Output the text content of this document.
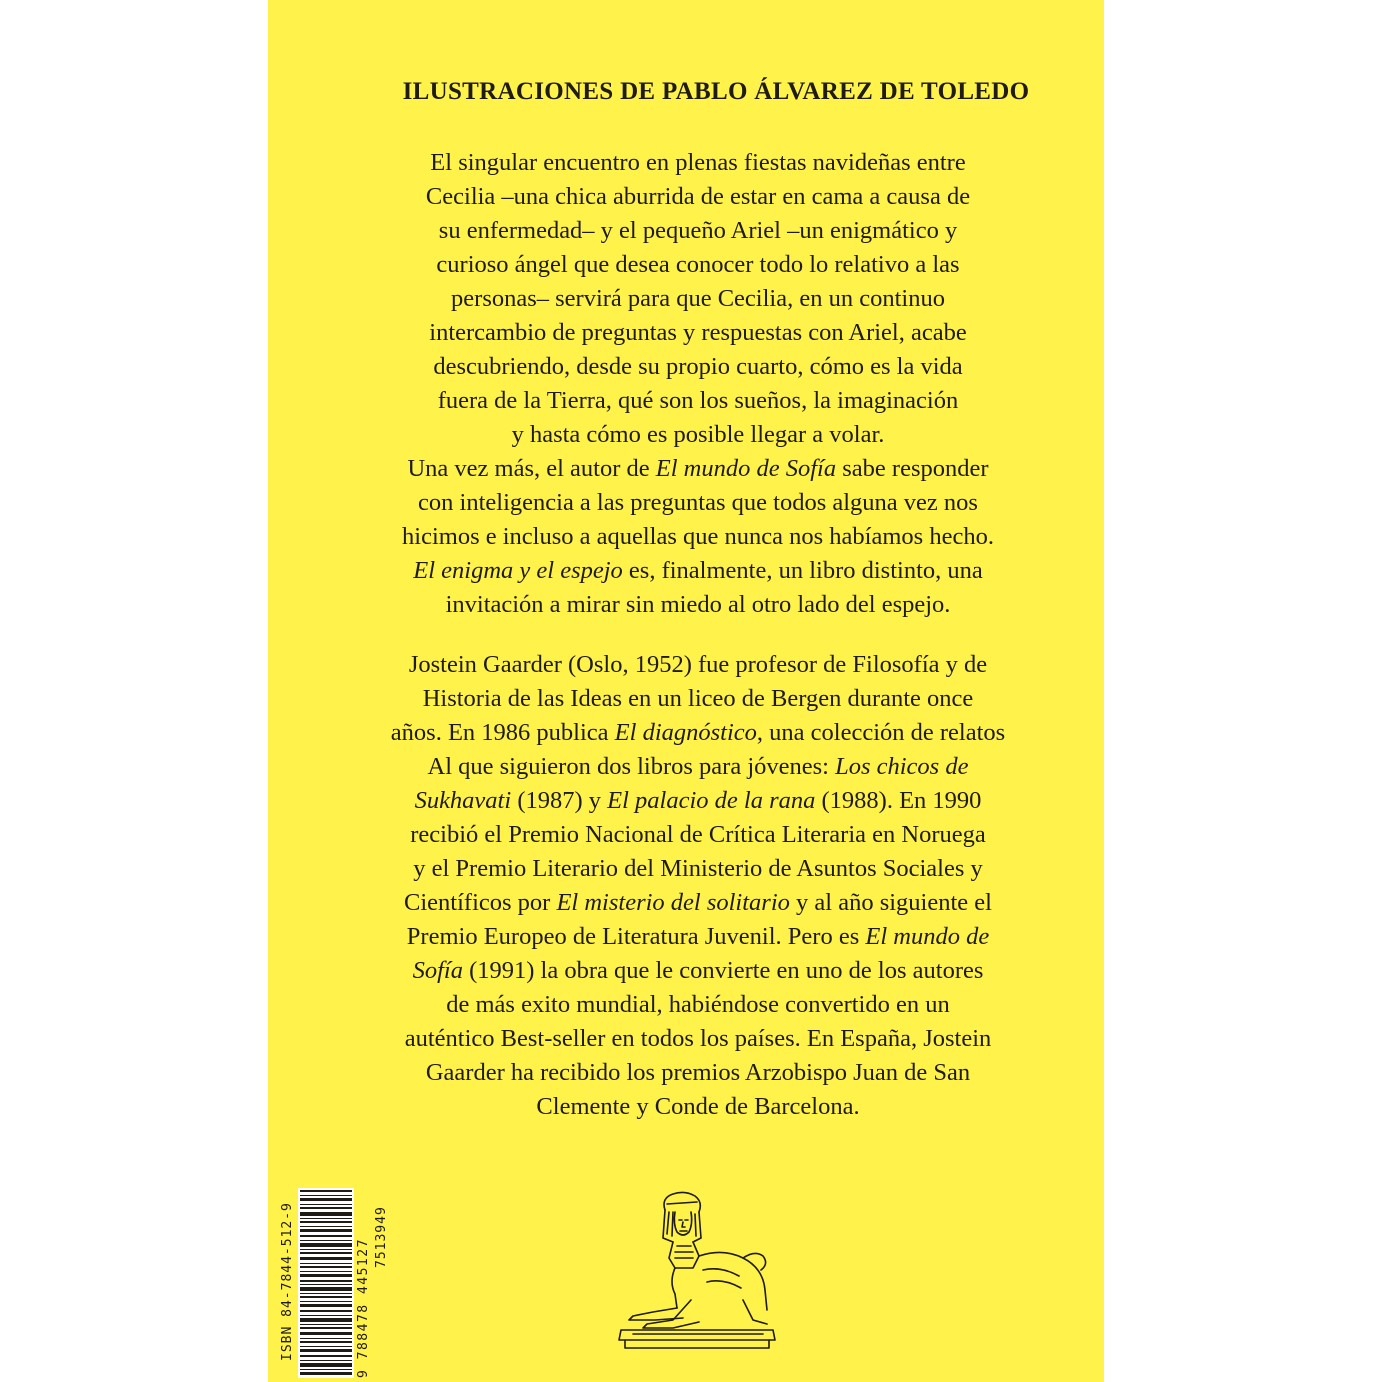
ILUSTRACIONES DE PABLO ÁLVAREZ DE TOLEDO
El singular encuentro en plenas fiestas navideñas entre
Cecilia –una chica aburrida de estar en cama a causa de
su enfermedad– y el pequeño Ariel –un enigmático y
curioso ángel que desea conocer todo lo relativo a las
personas– servirá para que Cecilia, en un continuo
intercambio de preguntas y respuestas con Ariel, acabe
descubriendo, desde su propio cuarto, cómo es la vida
fuera de la Tierra, qué son los sueños, la imaginación
y hasta cómo es posible llegar a volar.
Una vez más, el autor de El mundo de Sofía sabe responder
con inteligencia a las preguntas que todos alguna vez nos
hicimos e incluso a aquellas que nunca nos habíamos hecho.
El enigma y el espejo es, finalmente, un libro distinto, una
invitación a mirar sin miedo al otro lado del espejo.
Jostein Gaarder (Oslo, 1952) fue profesor de Filosofía y de
Historia de las Ideas en un liceo de Bergen durante once
años. En 1986 publica El diagnóstico, una colección de relatos
Al que siguieron dos libros para jóvenes: Los chicos de
Sukhavati (1987) y El palacio de la rana (1988). En 1990
recibió el Premio Nacional de Crítica Literaria en Noruega
y el Premio Literario del Ministerio de Asuntos Sociales y
Científicos por El misterio del solitario y al año siguiente el
Premio Europeo de Literatura Juvenil. Pero es El mundo de
Sofía (1991) la obra que le convierte en uno de los autores
de más exito mundial, habiéndose convertido en un
auténtico Best-seller en todos los países. En España, Jostein
Gaarder ha recibido los premios Arzobispo Juan de San
Clemente y Conde de Barcelona.
ISBN 84-7844-512-9	9 788478 445127
7513949
